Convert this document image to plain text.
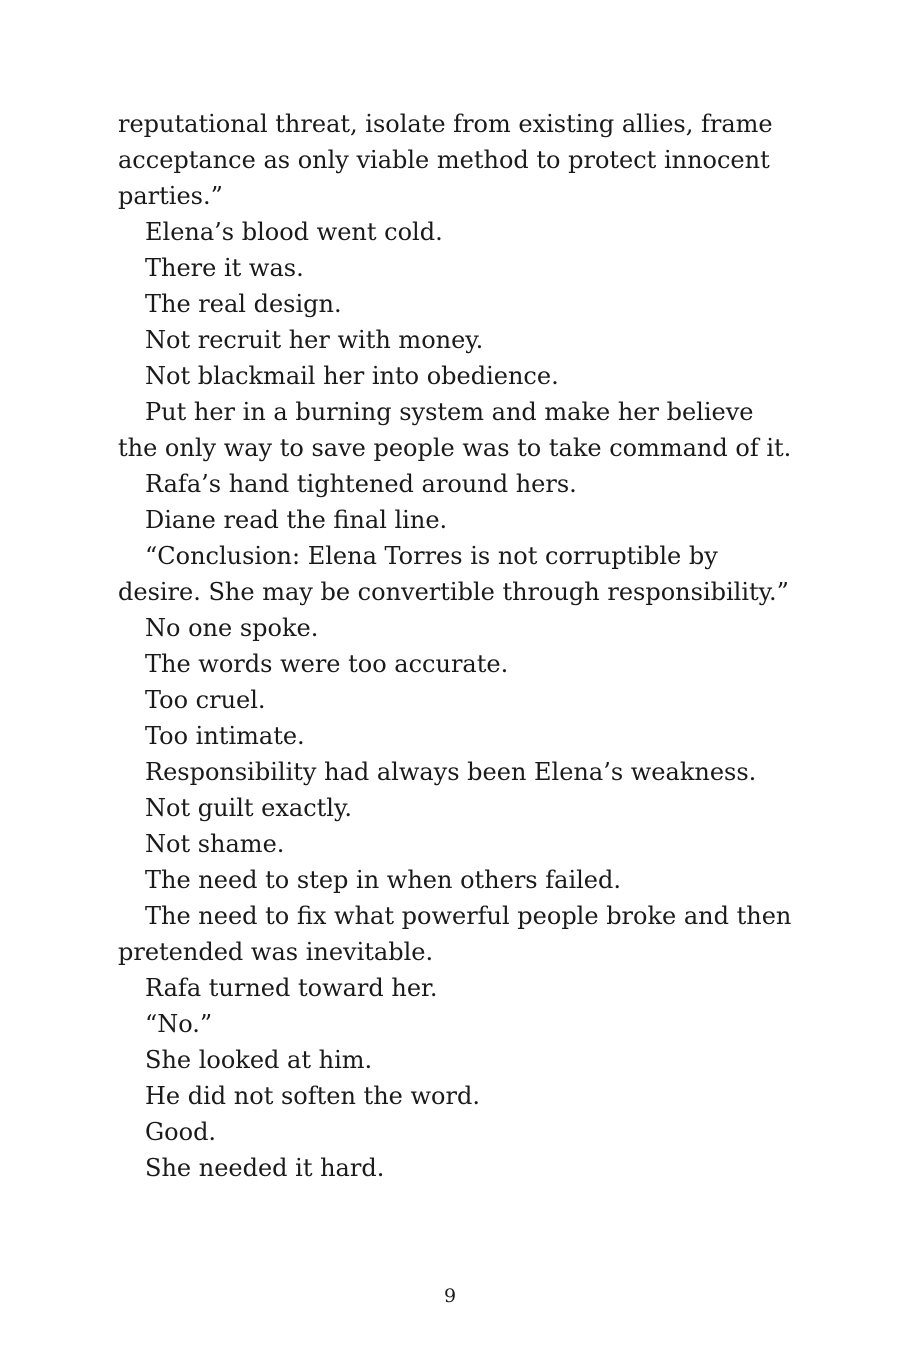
reputational threat, isolate from existing allies, frame acceptance as only viable method to protect innocent parties.”

Elena’s blood went cold.

There it was.

The real design.

Not recruit her with money.

Not blackmail her into obedience.

Put her in a burning system and make her believe the only way to save people was to take command of it.

Rafa’s hand tightened around hers.

Diane read the final line.

“Conclusion: Elena Torres is not corruptible by desire. She may be convertible through responsibility.”

No one spoke.

The words were too accurate.

Too cruel.

Too intimate.

Responsibility had always been Elena’s weakness.

Not guilt exactly.

Not shame.

The need to step in when others failed.

The need to fix what powerful people broke and then pretended was inevitable.

Rafa turned toward her.

“No.”

She looked at him.

He did not soften the word.

Good.

She needed it hard.

9
